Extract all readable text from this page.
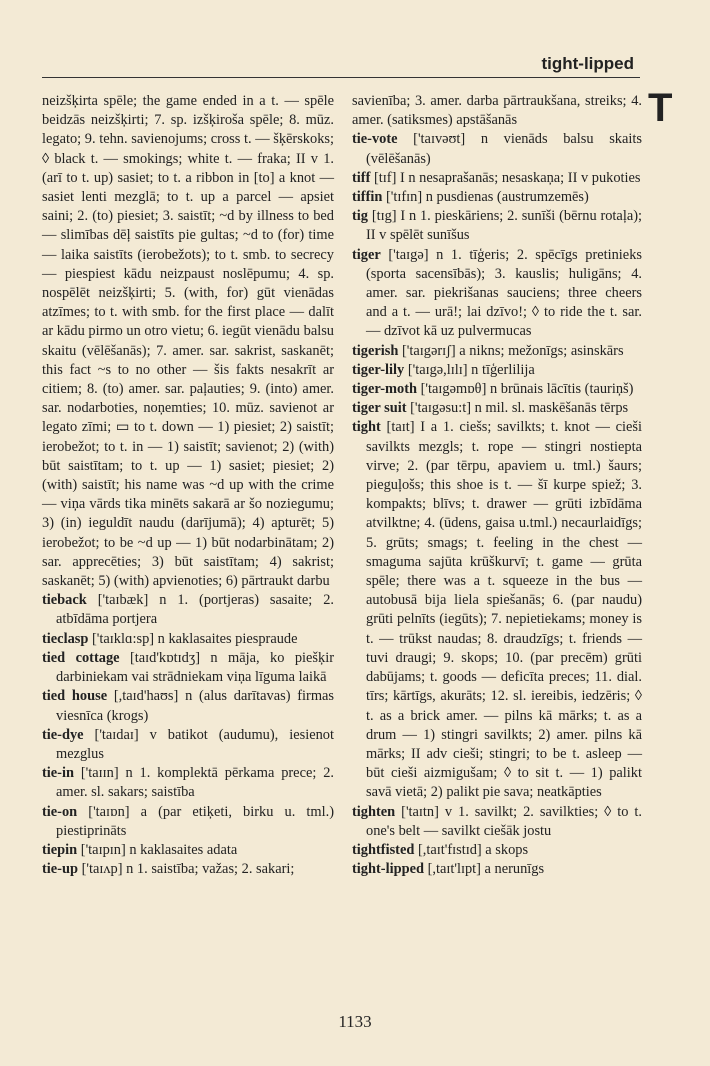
tight-lipped
T

neizšķirta spēle; the game ended in a t. — spēle beidzās neizšķirti; 7. sp. izšķiroša spēle; 8. mūz. legato; 9. tehn. savienojums; cross t. — šķērskoks; ◊ black t. — smokings; white t. — fraka; II v 1. (arī to t. up) sasiet; to t. a ribbon in [to] a knot — sasiet lenti mezglā; to t. up a parcel — apsiet saini; 2. (to) piesiet; 3. saistīt; ~d by illness to bed — slimības dēļ saistīts pie gultas; ~d to (for) time — laika saistīts (ierobežots); to t. smb. to secrecy — piespiest kādu neizpaust noslēpumu; 4. sp. nospēlēt neizšķirti; 5. (with, for) gūt vienādas atzīmes; to t. with smb. for the first place — dalīt ar kādu pirmo un otro vietu; 6. iegūt vienādu balsu skaitu (vēlēšanās); 7. amer. sar. sakrist, saskanēt; this fact ~s to no other — šis fakts nesakrīt ar citiem; 8. (to) amer. sar. paļauties; 9. (into) amer. sar. nodarboties, noņemties; 10. mūz. savienot ar legato zīmi; ▭ to t. down — 1) piesiet; 2) saistīt; ierobežot; to t. in — 1) saistīt; savienot; 2) (with) būt saistītam; to t. up — 1) sasiet; piesiet; 2) (with) saistīt; his name was ~d up with the crime — viņa vārds tika minēts sakarā ar šo noziegumu; 3) (in) ieguldīt naudu (darījumā); 4) apturēt; 5) ierobežot; to be ~d up — 1) būt nodarbinātam; 2) sar. apprecēties; 3) būt saistītam; 4) sakrist; saskanēt; 5) (with) apvienoties; 6) pārtraukt darbu

tieback ['taɪbæk] n 1. (portjeras) sasaite; 2. atbīdāma portjera

tieclasp ['taɪklɑ:sp] n kaklasaites piespraude

tied cottage [taɪd'kɒtɪdʒ] n māja, ko piešķir darbiniekam vai strādniekam viņa līguma laikā

tied house [,taɪd'haʊs] n (alus darītavas) firmas viesnīca (krogs)

tie-dye ['taɪdaɪ] v batikot (audumu), iesienot mezglus

tie-in ['taɪɪn] n 1. komplektā pērkama prece; 2. amer. sl. sakars; saistība

tie-on ['taɪɒn] a (par etiķeti, birku u. tml.) piestiprināts

tiepin ['taɪpɪn] n kaklasaites adata

tie-up ['taɪʌp] n 1. saistība; važas; 2. sakari;

savienība; 3. amer. darba pārtraukšana, streiks; 4. amer. (satiksmes) apstāšanās

tie-vote ['taɪvəʊt] n vienāds balsu skaits (vēlēšanās)

tiff [tɪf] I n nesaprašanās; nesaskaņa; II v pukoties

tiffin ['tɪfɪn] n pusdienas (austrumzemēs)

tig [tɪg] I n 1. pieskāriens; 2. sunīši (bērnu rotaļa); II v spēlēt sunīšus

tiger ['taɪgə] n 1. tīģeris; 2. spēcīgs pretinieks (sporta sacensībās); 3. kauslis; huligāns; 4. amer. sar. piekrišanas sauciens; three cheers and a t. — urā!; lai dzīvo!; ◊ to ride the t. sar. — dzīvot kā uz pulvermucas

tigerish ['taɪgərɪʃ] a nikns; mežonīgs; asinskārs

tiger-lily ['taɪgə,lɪlɪ] n tīģerlilija

tiger-moth ['taɪgəmɒθ] n brūnais lācītis (tauriņš)

tiger suit ['taɪgəsu:t] n mil. sl. maskēšanās tērps

tight [taɪt] I a 1. ciešs; savilkts; t. knot — cieši savilkts mezgls; t. rope — stingri nostiepta virve; 2. (par tērpu, apaviem u. tml.) šaurs; pieguļošs; this shoe is t. — šī kurpe spiež; 3. kompakts; blīvs; t. drawer — grūti izbīdāma atvilktne; 4. (ūdens, gaisa u.tml.) necaurlaidīgs; 5. grūts; smags; t. feeling in the chest — smaguma sajūta krūškurvī; t. game — grūta spēle; there was a t. squeeze in the bus — autobusā bija liela spiešanās; 6. (par naudu) grūti pelnīts (iegūts); 7. nepietiekams; money is t. — trūkst naudas; 8. draudzīgs; t. friends — tuvi draugi; 9. skops; 10. (par precēm) grūti dabūjams; t. goods — deficīta preces; 11. dial. tīrs; kārtīgs, akurāts; 12. sl. iereibis, iedzēris; ◊ t. as a brick amer. — pilns kā mārks; t. as a drum — 1) stingri savilkts; 2) amer. pilns kā mārks; II adv cieši; stingri; to be t. asleep — būt cieši aizmigušam; ◊ to sit t. — 1) palikt savā vietā; 2) palikt pie sava; neatkāpties

tighten ['taɪtn] v 1. savilkt; 2. savilkties; ◊ to t. one's belt — savilkt ciešāk jostu

tightfisted [,taɪt'fɪstɪd] a skops

tight-lipped [,taɪt'lɪpt] a nerunīgs

1133
